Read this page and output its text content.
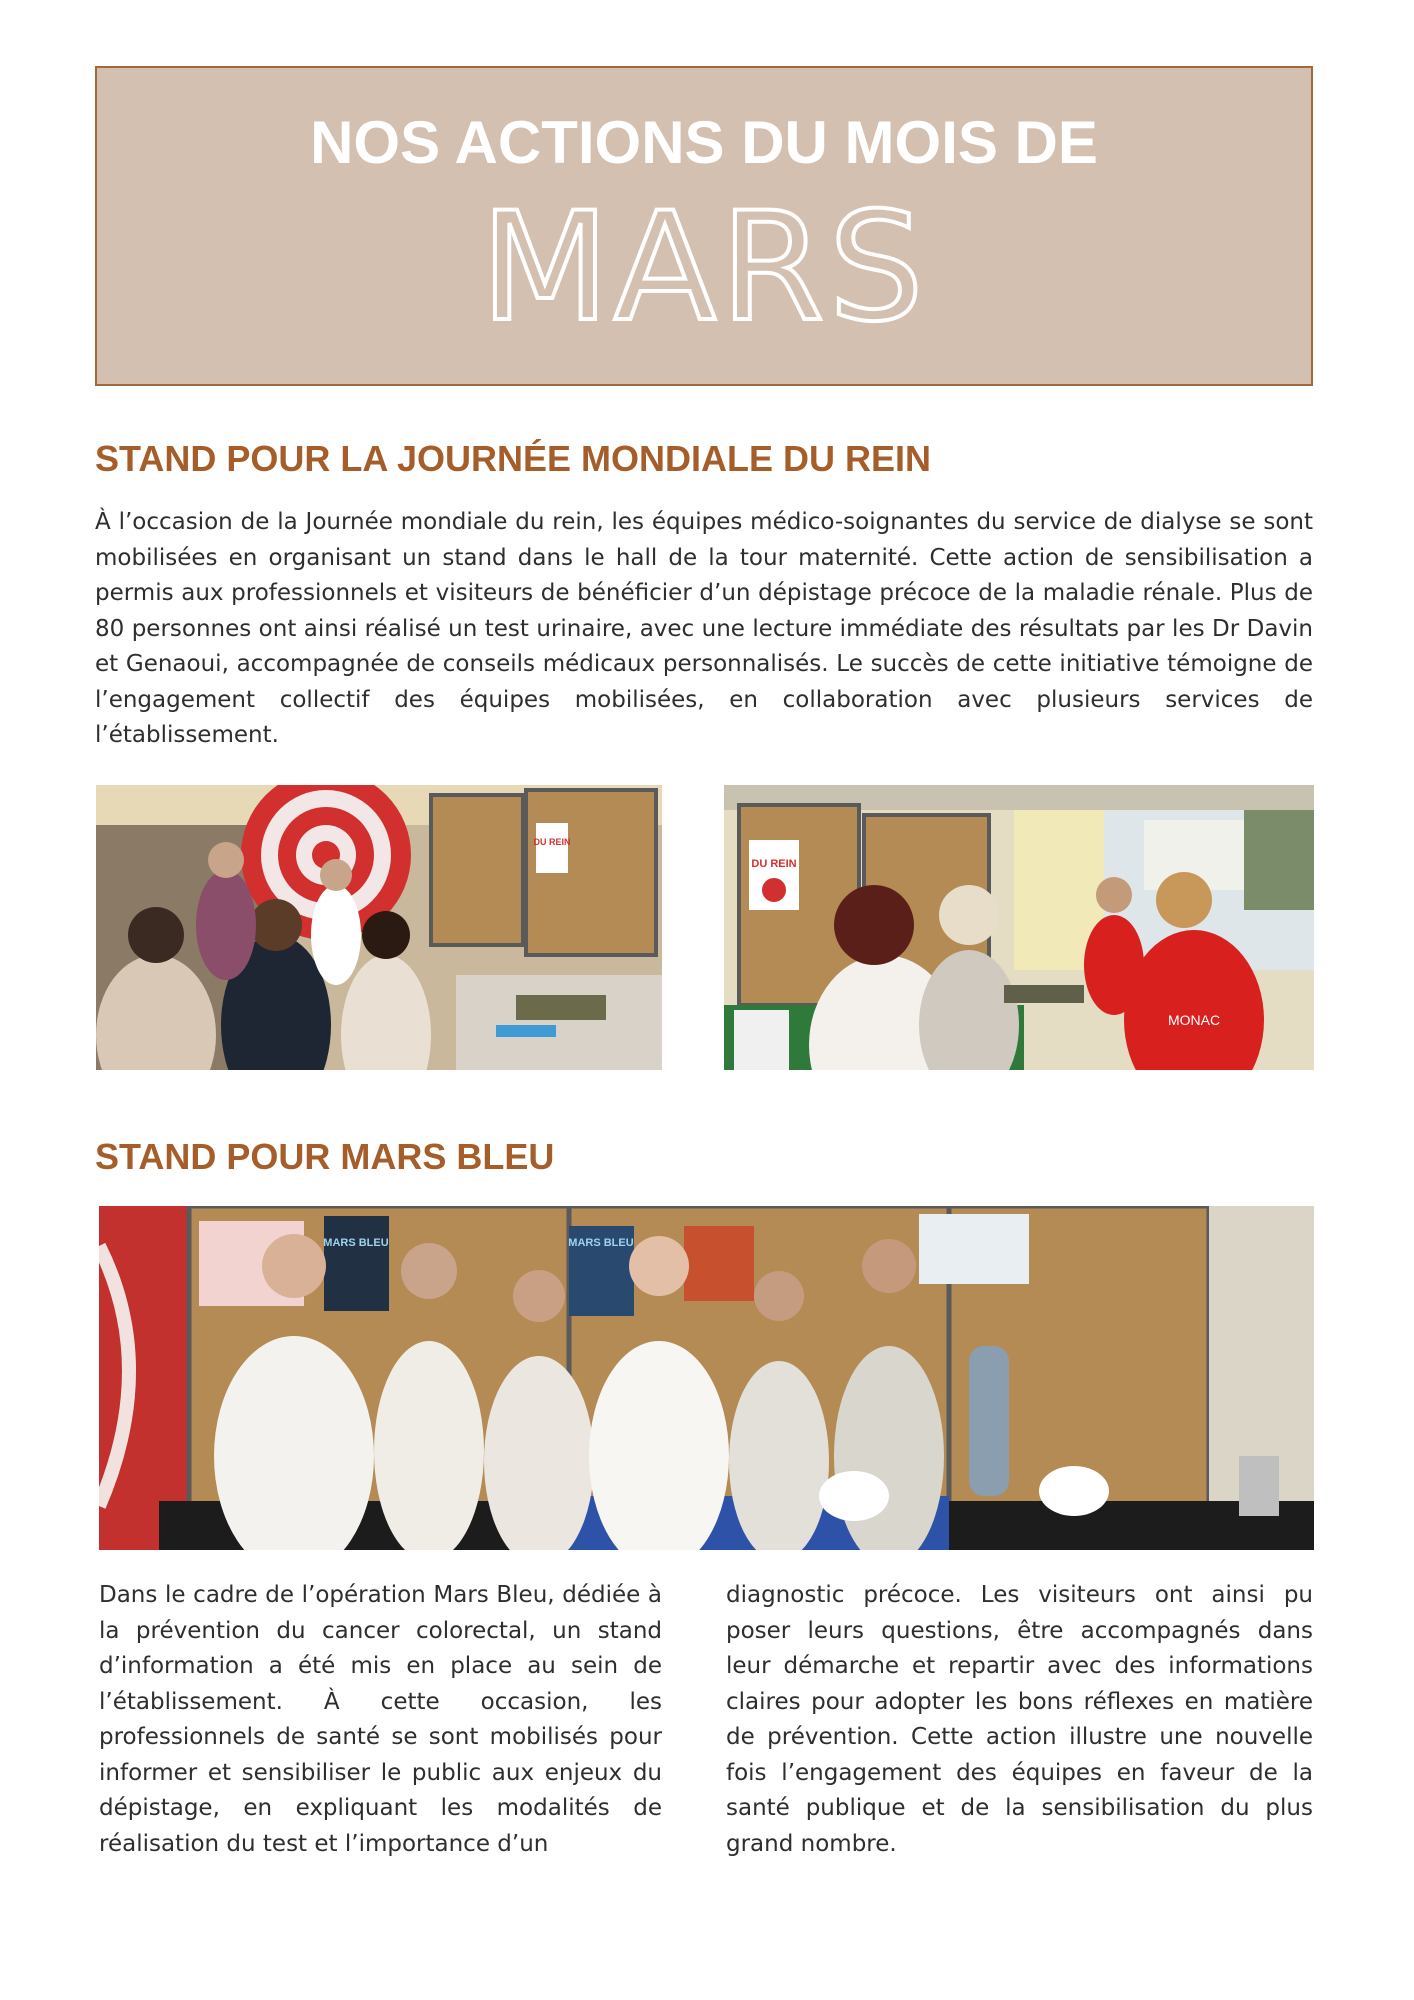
NOS ACTIONS DU MOIS DE
MARS
STAND POUR LA JOURNÉE MONDIALE DU REIN

À l’occasion de la Journée mondiale du rein, les équipes médico-soignantes du service de dialyse se sont mobilisées en organisant un stand dans le hall de la tour maternité. Cette action de sensibilisation a permis aux professionnels et visiteurs de bénéficier d’un dépistage précoce de la maladie rénale. Plus de 80 personnes ont ainsi réalisé un test urinaire, avec une lecture immédiate des résultats par les Dr Davin et Genaoui, accompagnée de conseils médicaux personnalisés. Le succès de cette initiative témoigne de l’engagement collectif des équipes mobilisées, en collaboration avec plusieurs services de l’établissement.

DU REIN
DU REIN
MONAC
STAND POUR MARS BLEU
MARS BLEU	MARS BLEU

Dans le cadre de l’opération Mars Bleu, dédiée à la prévention du cancer colorectal, un stand d’information a été mis en place au sein de l’établissement. À cette occasion, les professionnels de santé se sont mobilisés pour informer et sensibiliser le public aux enjeux du dépistage, en expliquant les modalités de réalisation du test et l’importance d’un

diagnostic précoce. Les visiteurs ont ainsi pu poser leurs questions, être accompagnés dans leur démarche et repartir avec des informations claires pour adopter les bons réflexes en matière de prévention. Cette action illustre une nouvelle fois l’engagement des équipes en faveur de la santé publique et de la sensibilisation du plus grand nombre.
